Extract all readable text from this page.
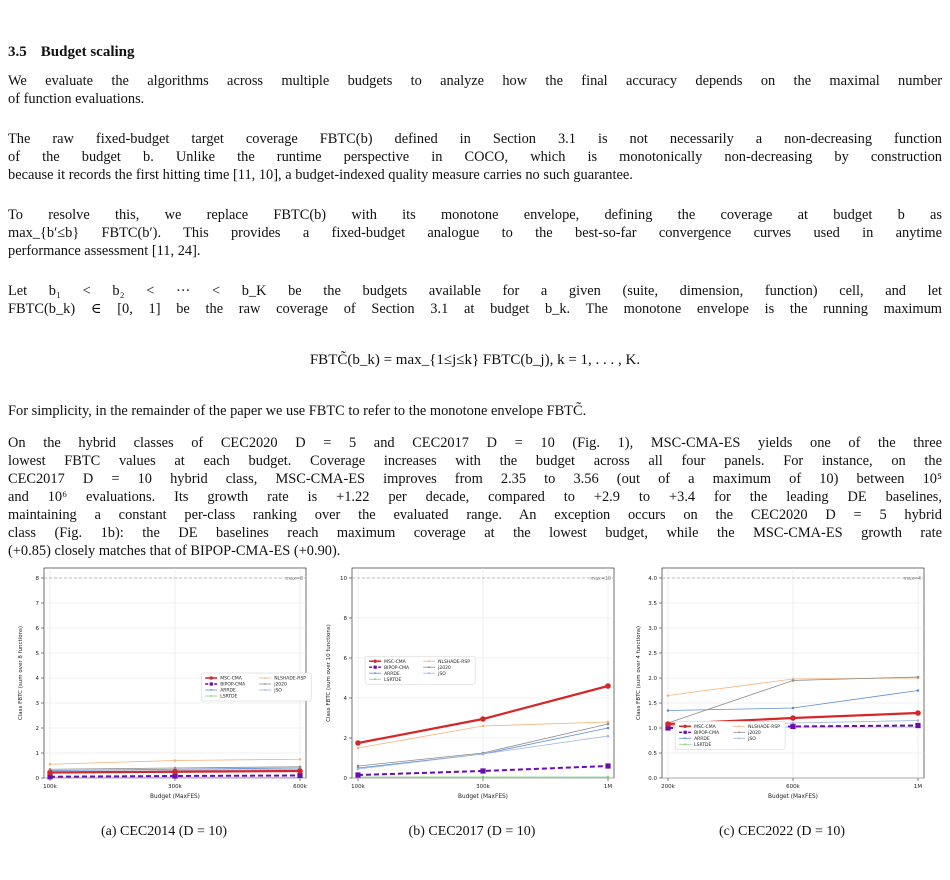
3.5 Budget scaling
We evaluate the algorithms across multiple budgets to analyze how the final accuracy depends on the maximal number
of function evaluations.
The raw fixed-budget target coverage FBTC(b) defined in Section 3.1 is not necessarily a non-decreasing function
of the budget b. Unlike the runtime perspective in COCO, which is monotonically non-decreasing by construction
because it records the first hitting time [11, 10], a budget-indexed quality measure carries no such guarantee.
To resolve this, we replace FBTC(b) with its monotone envelope, defining the coverage at budget b as
max_{b′≤b} FBTC(b′). This provides a fixed-budget analogue to the best-so-far convergence curves used in anytime
performance assessment [11, 24].
Let b₁ < b₂ < ··· < b_K be the budgets available for a given (suite, dimension, function) cell, and let
FBTC(b_k) ∈ [0, 1] be the raw coverage of Section 3.1 at budget b_k. The monotone envelope is the running maximum
FBTC̃(b_k) = max_{1≤j≤k} FBTC(b_j), k = 1, . . . , K.
For simplicity, in the remainder of the paper we use FBTC to refer to the monotone envelope FBTC̃.
On the hybrid classes of CEC2020 D = 5 and CEC2017 D = 10 (Fig. 1), MSC-CMA-ES yields one of the three
lowest FBTC values at each budget. Coverage increases with the budget across all four panels. For instance, on the
CEC2017 D = 10 hybrid class, MSC-CMA-ES improves from 2.35 to 3.56 (out of a maximum of 10) between 10⁵
and 10⁶ evaluations. Its growth rate is +1.22 per decade, compared to +2.9 to +3.4 for the leading DE baselines,
maintaining a constant per-class ranking over the evaluated range. An exception occurs on the CEC2020 D = 5 hybrid
class (Fig. 1b): the DE baselines reach maximum coverage at the lowest budget, while the MSC-CMA-ES growth rate
(+0.85) closely matches that of BIPOP-CMA-ES (+0.90).
0
1
2
3
4
5
6
7
8
100k	300k	600k
max=8
Budget (MaxFES)
Class FBTC (sum over 8 functions)	MSC-CMA
BIPOP-CMA
ARRDE
LSRTDE
NLSHADE-RSP
j2020
jSO
0
2
4
6
8
10
100k	300k	1M
max=10
Budget (MaxFES)
Class FBTC (sum over 10 functions)	MSC-CMA
BIPOP-CMA
ARRDE
LSRTDE
NLSHADE-RSP
j2020
jSO
0.0
0.5
1.0
1.5
2.0
2.5
3.0
3.5
4.0
200k	600k	1M
max=4
Budget (MaxFES)
Class FBTC (sum over 4 functions)
MSC-CMA
BIPOP-CMA
ARRDE
LSRTDE
NLSHADE-RSP
j2020
jSO
(a) CEC2014 (D = 10)	(b) CEC2017 (D = 10)	(c) CEC2022 (D = 10)
